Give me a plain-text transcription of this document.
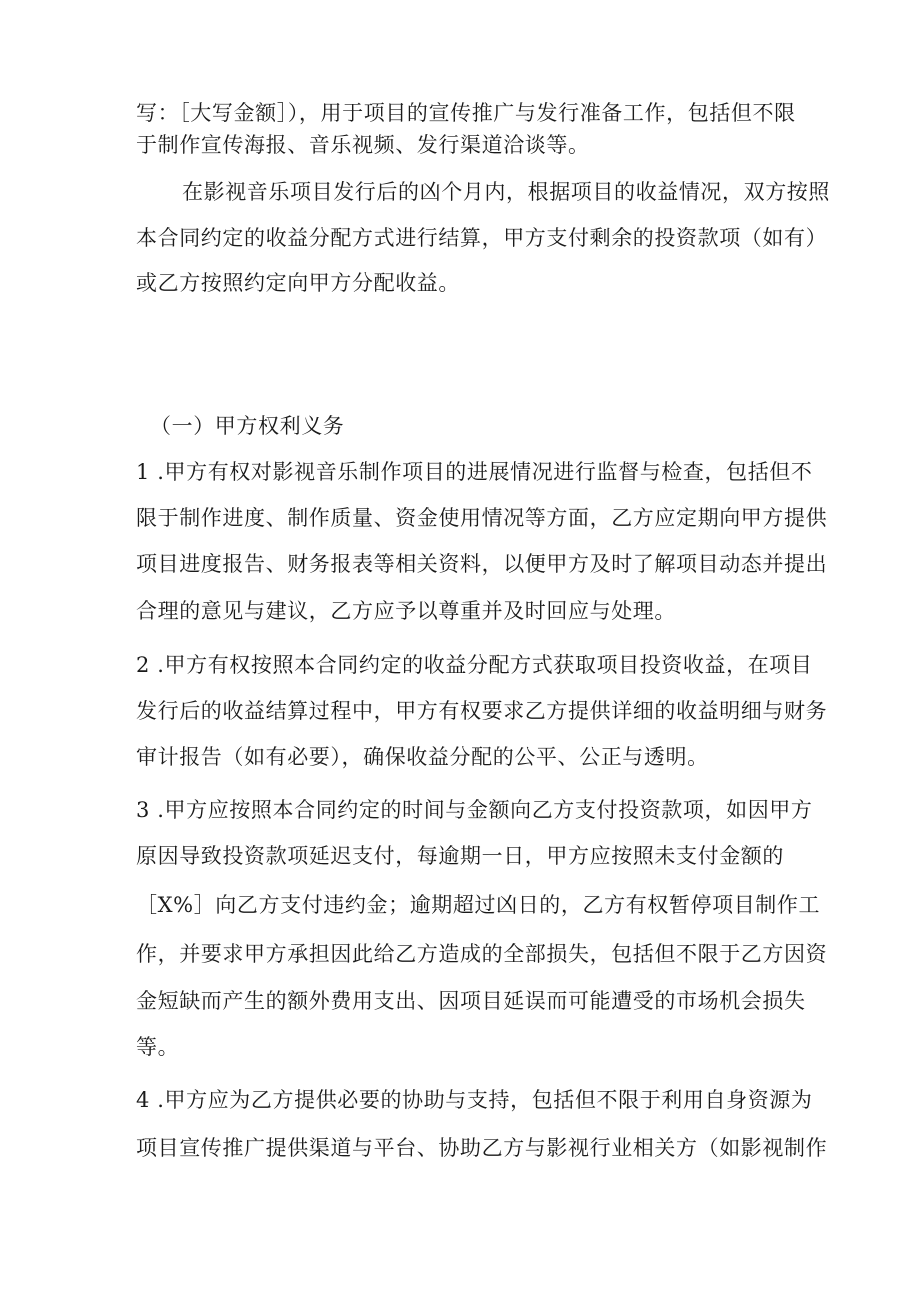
写：［大写金额］），用于项目的宣传推广与发行准备工作，包括但不限
于制作宣传海报、音乐视频、发行渠道洽谈等。
在影视音乐项目发行后的凶个月内，根据项目的收益情况，双方按照
本合同约定的收益分配方式进行结算，甲方支付剩余的投资款项（如有）
或乙方按照约定向甲方分配收益。
（一）甲方权利义务
1 .甲方有权对影视音乐制作项目的进展情况进行监督与检查，包括但不
限于制作进度、制作质量、资金使用情况等方面，乙方应定期向甲方提供
项目进度报告、财务报表等相关资料，以便甲方及时了解项目动态并提出
合理的意见与建议，乙方应予以尊重并及时回应与处理。
2 .甲方有权按照本合同约定的收益分配方式获取项目投资收益，在项目
发行后的收益结算过程中，甲方有权要求乙方提供详细的收益明细与财务
审计报告（如有必要），确保收益分配的公平、公正与透明。
3 .甲方应按照本合同约定的时间与金额向乙方支付投资款项，如因甲方
原因导致投资款项延迟支付，每逾期一日，甲方应按照未支付金额的
［X%］向乙方支付违约金；逾期超过凶日的，乙方有权暂停项目制作工
作，并要求甲方承担因此给乙方造成的全部损失，包括但不限于乙方因资
金短缺而产生的额外费用支出、因项目延误而可能遭受的市场机会损失
等。
4 .甲方应为乙方提供必要的协助与支持，包括但不限于利用自身资源为
项目宣传推广提供渠道与平台、协助乙方与影视行业相关方（如影视制作
